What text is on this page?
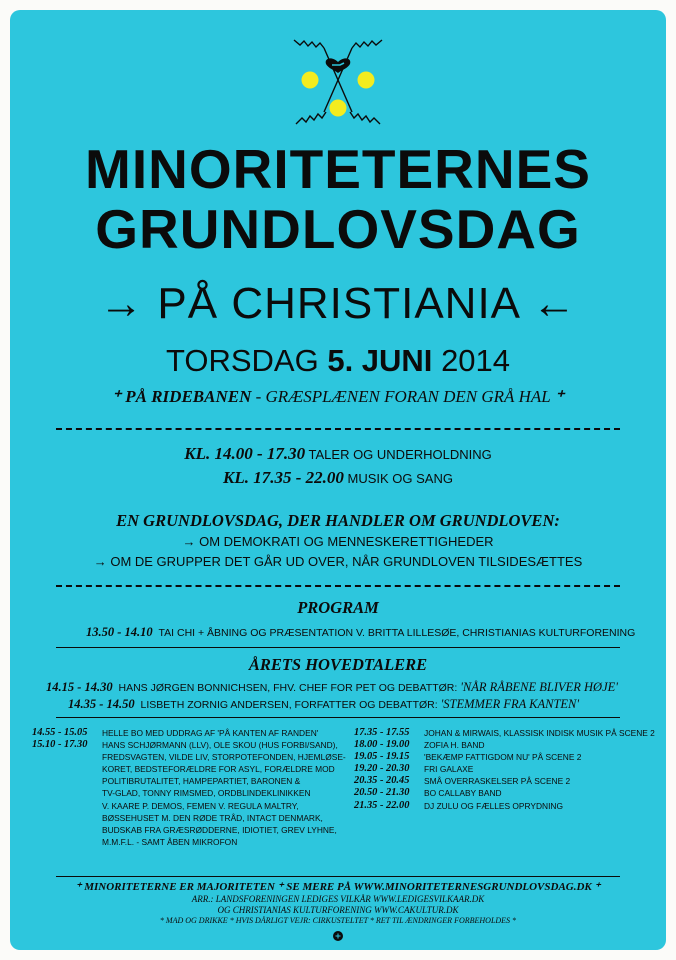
MINORITETERNES
GRUNDLOVSDAG
→ PÅ CHRISTIANIA ←
TORSDAG 5. JUNI 2014
⁺ PÅ RIDEBANEN - GRÆSPLÆNEN FORAN DEN GRÅ HAL ⁺
KL. 14.00 - 17.30 TALER OG UNDERHOLDNING
KL. 17.35 - 22.00 MUSIK OG SANG
EN GRUNDLOVSDAG, DER HANDLER OM GRUNDLOVEN:
→ OM DEMOKRATI OG MENNESKERETTIGHEDER
→ OM DE GRUPPER DET GÅR UD OVER, NÅR GRUNDLOVEN TILSIDESÆTTES
PROGRAM
13.50 - 14.10 TAI CHI + ÅBNING OG PRÆSENTATION V. BRITTA LILLESØE, CHRISTIANIAS KULTURFORENING
ÅRETS HOVEDTALERE
14.15 - 14.30 HANS JØRGEN BONNICHSEN, FHV. CHEF FOR PET OG DEBATTØR: 'NÅR RÅBENE BLIVER HØJE'
14.35 - 14.50 LISBETH ZORNIG ANDERSEN, FORFATTER OG DEBATTØR: 'STEMMER FRA KANTEN'
14.55 - 15.05	HELLE BO MED UDDRAG AF 'PÅ KANTEN AF RANDEN'
15.10 - 17.30	HANS SCHJØRMANN (LLV), OLE SKOU (HUS FORBI/SAND),
FREDSVAGTEN, VILDE LIV, STORPOTEFONDEN, HJEMLØSE-
KORET, BEDSTEFORÆLDRE FOR ASYL, FORÆLDRE MOD
POLITIBRUTALITET, HAMPEPARTIET, BARONEN &
TV-GLAD, TONNY RIMSMED, ORDBLINDEKLINIKKEN
V. KAARE P. DEMOS, FEMEN V. REGULA MALTRY,
BØSSEHUSET M. DEN RØDE TRÅD, INTACT DENMARK,
BUDSKAB FRA GRÆSRØDDERNE, IDIOTIET, GREV LYHNE,
M.M.F.L. - SAMT ÅBEN MIKROFON
17.35 - 17.55	JOHAN & MIRWAIS, KLASSISK INDISK MUSIK PÅ SCENE 2
18.00 - 19.00	ZOFIA H. BAND
19.05 - 19.15	'BEKÆMP FATTIGDOM NU' PÅ SCENE 2
19.20 - 20.30	FRI GALAXE
20.35 - 20.45	SMÅ OVERRASKELSER PÅ SCENE 2
20.50 - 21.30	BO CALLABY BAND
21.35 - 22.00	DJ ZULU OG FÆLLES OPRYDNING
⁺ MINORITETERNE ER MAJORITETEN ⁺ SE MERE PÅ WWW.MINORITETERNESGRUNDLOVSDAG.DK ⁺
ARR.: LANDSFORENINGEN LEDIGES VILKÅR WWW.LEDIGESVILKAAR.DK
OG CHRISTIANIAS KULTURFORENING WWW.CAKULTUR.DK
* MAD OG DRIKKE * HVIS DÅRLIGT VEJR: CIRKUSTELTET * RET TIL ÆNDRINGER FORBEHOLDES *
